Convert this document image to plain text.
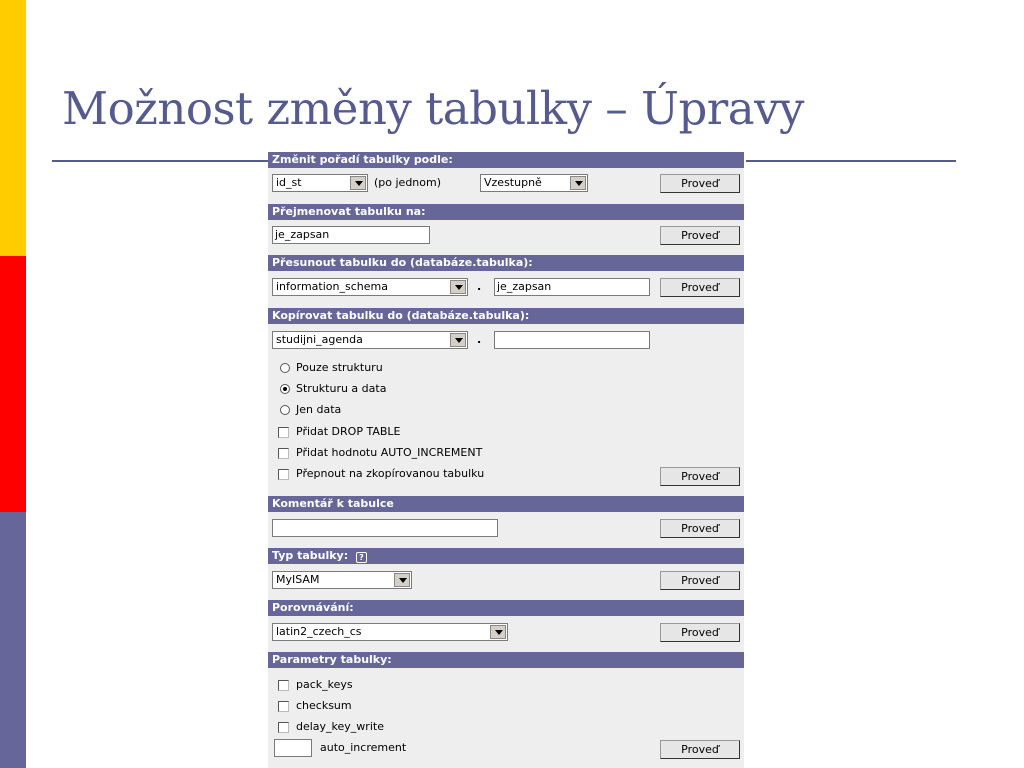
Možnost změny tabulky – Úpravy
Změnit pořadí tabulky podle:
id_st	(po jednom)	Vzestupně	Proveď
Přejmenovat tabulku na:
je_zapsan	Proveď
Přesunout tabulku do (databáze.tabulka):
information_schema	. je_zapsan	Proveď
Kopírovat tabulku do (databáze.tabulka):
studijni_agenda	.
Pouze strukturu
Strukturu a data
Jen data
Přidat DROP TABLE
Přidat hodnotu AUTO_INCREMENT
Přepnout na zkopírovanou tabulku	Proveď
Komentář k tabulce
Proveď
Typ tabulky: ?
MyISAM	Proveď
Porovnávání:
latin2_czech_cs	Proveď
Parametry tabulky:
pack_keys
checksum
delay_key_write
auto_increment	Proveď
